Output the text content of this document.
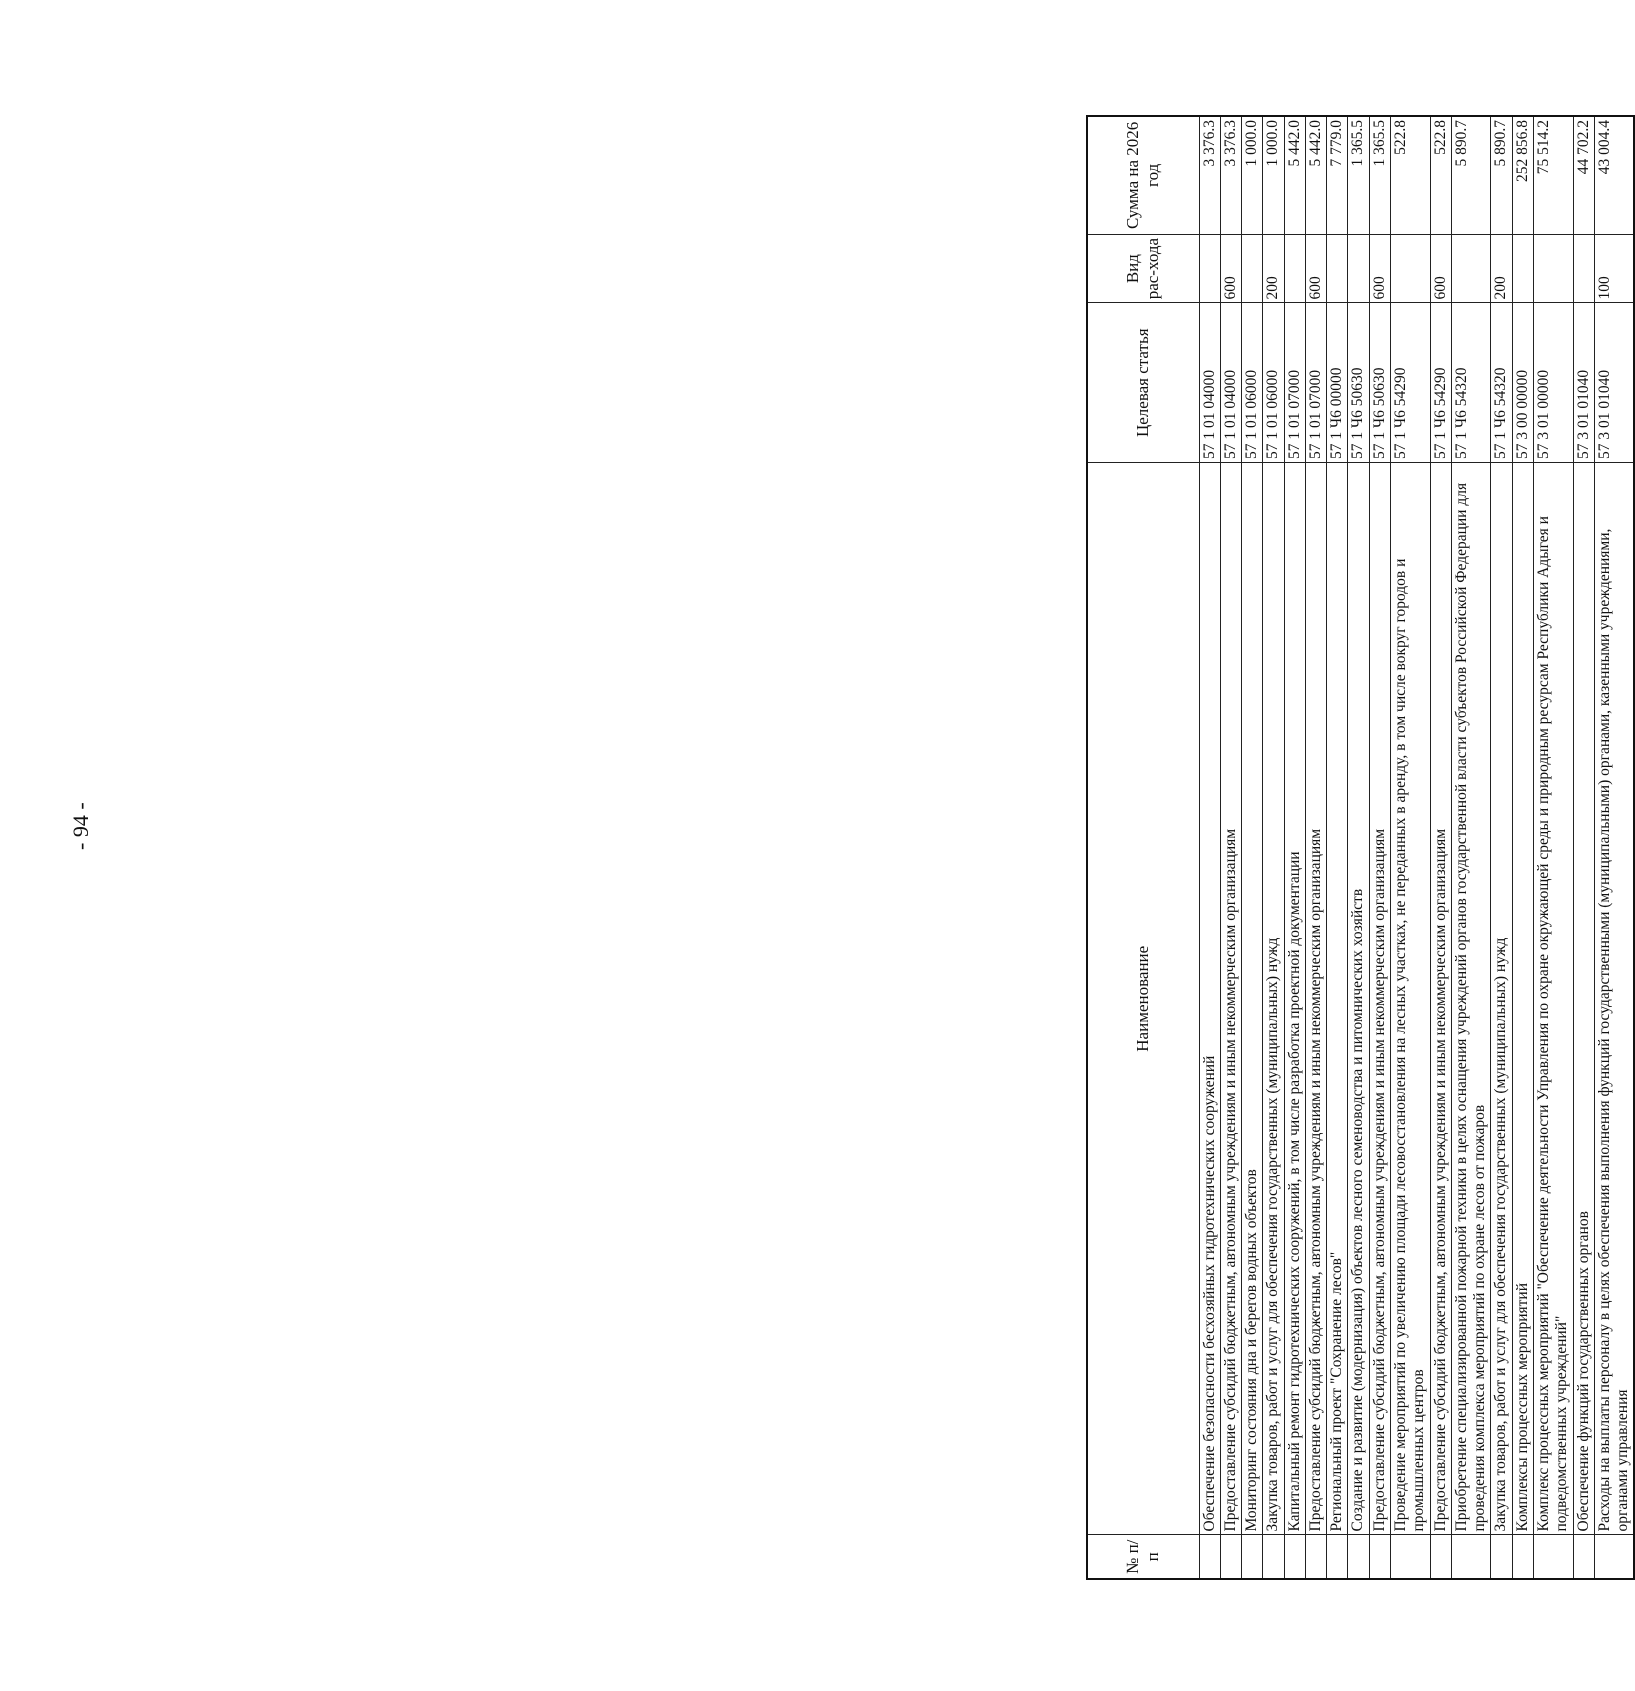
- 94 -
№ п/п	Наименование	Целевая статья	Вид рас-хода	Сумма на 2026 год
	Обеспечение безопасности бесхозяйных гидротехнических сооружений	57 1 01 04000		3 376.3
	Предоставление субсидий бюджетным, автономным учреждениям и иным некоммерческим организациям	57 1 01 04000	600	3 376.3
	Мониторинг состояния дна и берегов водных объектов	57 1 01 06000		1 000.0
	Закупка товаров, работ и услуг для обеспечения государственных (муниципальных) нужд	57 1 01 06000	200	1 000.0
	Капитальный ремонт гидротехнических сооружений, в том числе разработка проектной документации	57 1 01 07000		5 442.0
	Предоставление субсидий бюджетным, автономным учреждениям и иным некоммерческим организациям	57 1 01 07000	600	5 442.0
	Региональный проект "Сохранение лесов"	57 1 Ч6 00000		7 779.0
	Создание и развитие (модернизация) объектов лесного семеноводства и питомнических хозяйств	57 1 Ч6 50630		1 365.5
	Предоставление субсидий бюджетным, автономным учреждениям и иным некоммерческим организациям	57 1 Ч6 50630	600	1 365.5
	Проведение мероприятий по увеличению площади лесовосстановления на лесных участках, не переданных в аренду, в том числе вокруг городов и промышленных центров	57 1 Ч6 54290		522.8
	Предоставление субсидий бюджетным, автономным учреждениям и иным некоммерческим организациям	57 1 Ч6 54290	600	522.8
	Приобретение специализированной пожарной техники в целях оснащения учреждений органов государственной власти субъектов Российской Федерации для проведения комплекса мероприятий по охране лесов от пожаров	57 1 Ч6 54320		5 890.7
	Закупка товаров, работ и услуг для обеспечения государственных (муниципальных) нужд	57 1 Ч6 54320	200	5 890.7
	Комплексы процессных мероприятий	57 3 00 00000		252 856.8
	Комплекс процессных мероприятий "Обеспечение деятельности Управления по охране окружающей среды и природным ресурсам Республики Адыгея и подведомственных учреждений"	57 3 01 00000		75 514.2
	Обеспечение функций государственных органов	57 3 01 01040		44 702.2
	Расходы на выплаты персоналу в целях обеспечения выполнения функций государственными (муниципальными) органами, казенными учреждениями, органами управления	57 3 01 01040	100	43 004.4
